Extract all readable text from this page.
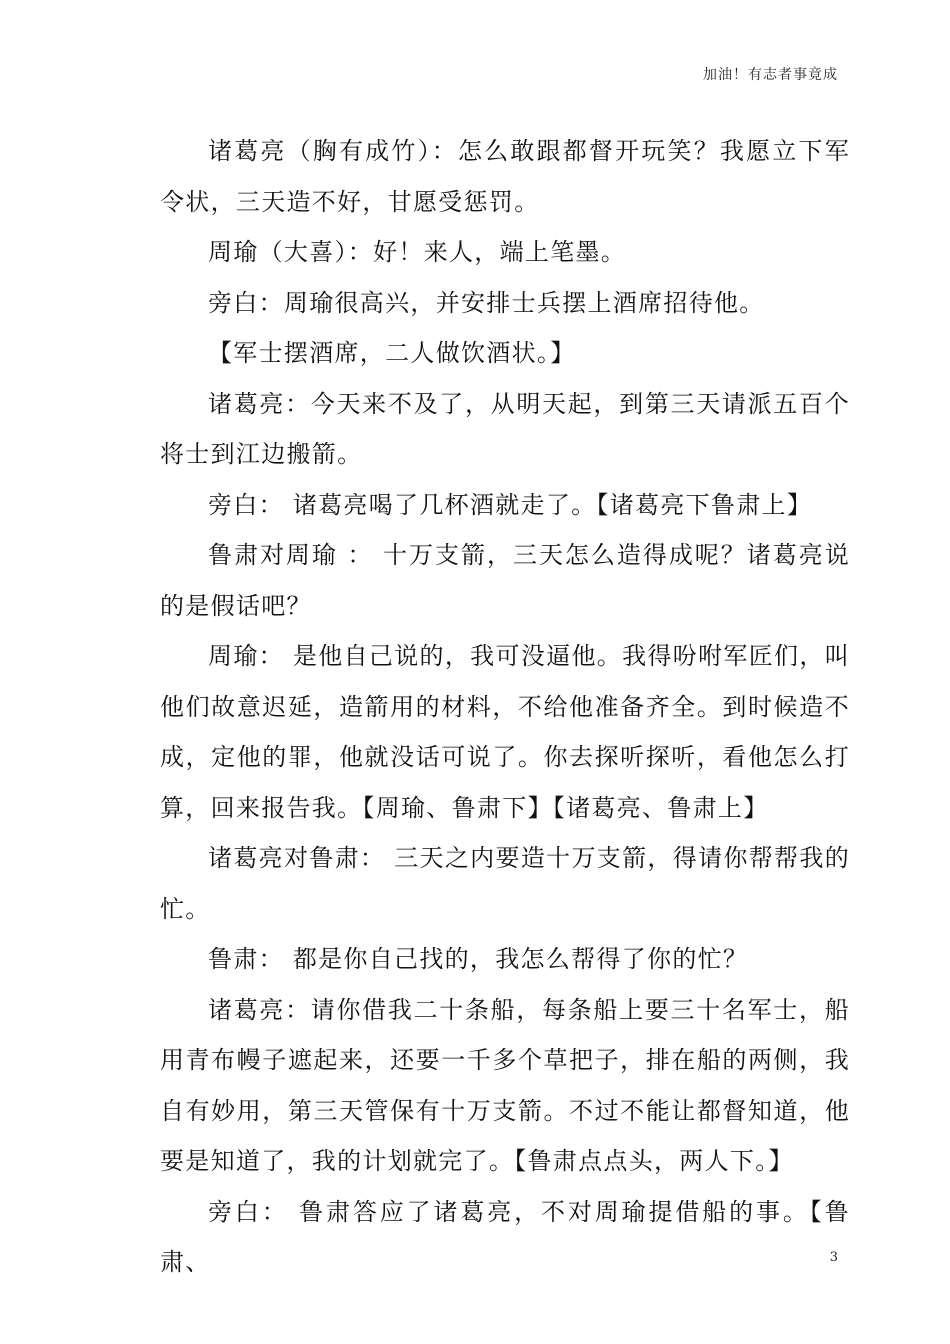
加油！有志者事竟成

诸葛亮（胸有成竹）：怎么敢跟都督开玩笑？我愿立下军令状，三天造不好，甘愿受惩罚。

周瑜（大喜）：好！来人，端上笔墨。

旁白：周瑜很高兴，并安排士兵摆上酒席招待他。

【军士摆酒席，二人做饮酒状。】

诸葛亮：今天来不及了，从明天起，到第三天请派五百个将士到江边搬箭。

旁白： 诸葛亮喝了几杯酒就走了。【诸葛亮下鲁肃上】

鲁肃对周瑜 ： 十万支箭，三天怎么造得成呢？诸葛亮说的是假话吧？

周瑜： 是他自己说的，我可没逼他。我得吩咐军匠们，叫他们故意迟延，造箭用的材料，不给他准备齐全。到时候造不成，定他的罪，他就没话可说了。你去探听探听，看他怎么打算，回来报告我。【周瑜、鲁肃下】【诸葛亮、鲁肃上】

诸葛亮对鲁肃： 三天之内要造十万支箭，得请你帮帮我的忙。

鲁肃： 都是你自己找的，我怎么帮得了你的忙？

诸葛亮：请你借我二十条船，每条船上要三十名军士，船用青布幔子遮起来，还要一千多个草把子，排在船的两侧，我自有妙用，第三天管保有十万支箭。不过不能让都督知道，他要是知道了，我的计划就完了。【鲁肃点点头，两人下。】

旁白： 鲁肃答应了诸葛亮，不对周瑜提借船的事。【鲁肃、	3
